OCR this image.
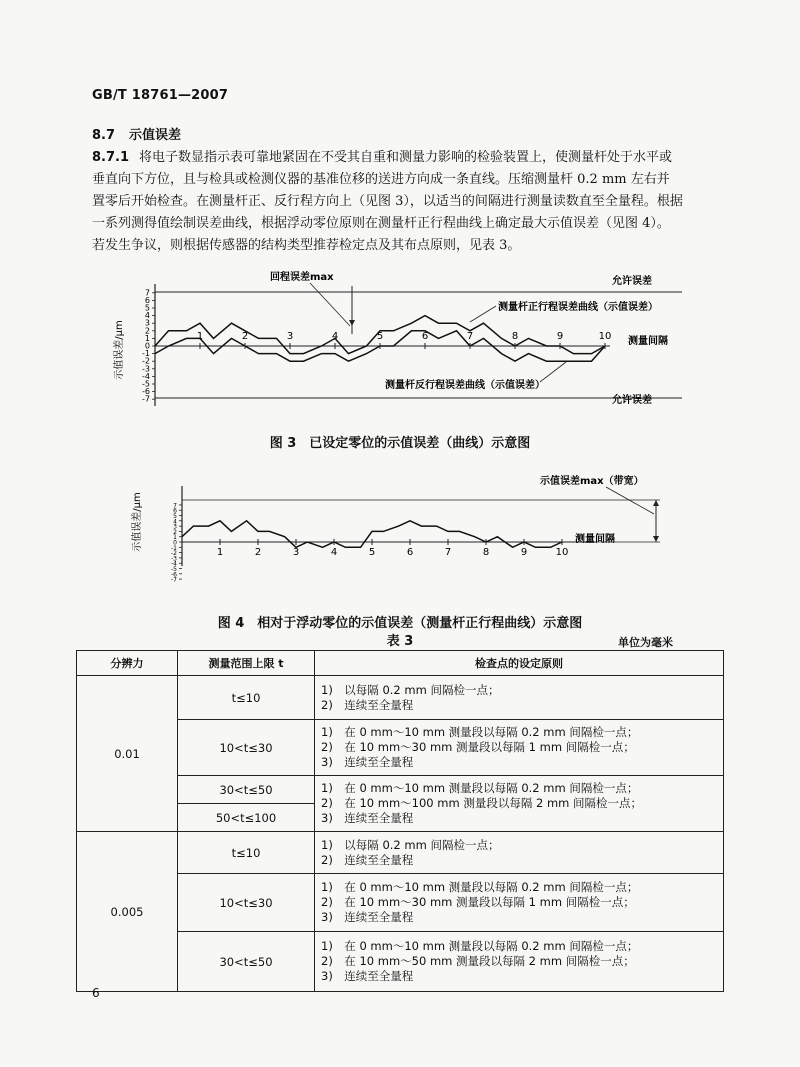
GB/T 18761—2007
8.7 示值误差
8.7.1 将电子数显指示表可靠地紧固在不受其自重和测量力影响的检验装置上，使测量杆处于水平或
垂直向下方位，且与检具或检测仪器的基准位移的送进方向成一条直线。压缩测量杆 0.2 mm 左右并
置零后开始检查。在测量杆正、反行程方向上（见图 3），以适当的间隔进行测量读数直至全量程。根据
一系列测得值绘制误差曲线，根据浮动零位原则在测量杆正行程曲线上确定最大示值误差（见图 4）。
若发生争议，则根据传感器的结构类型推荐检定点及其布点原则，见表 3。
7
6
5
4
3
2
1
0
-1
-2
-3
-4
-5
-6
-7
示值误差/μm
允许误差
允许误差
1	2	3	4	5	6	7	8	9	10
回程误差max
测量杆正行程误差曲线（示值误差）
测量杆反行程误差曲线（示值误差）
测量间隔
图 3　已设定零位的示值误差（曲线）示意图
7
6
5
4
3
2
1
0
-1
-2
-3
-4
-5
-6
-7
示值误差/μm
1	2	3	4	5	6	7	8	9	10
示值误差max（带宽）
测量间隔
图 4　相对于浮动零位的示值误差（测量杆正行程曲线）示意图
表 3	单位为毫米
分辨力	测量范围上限 t	检查点的设定原则
0.01	t≤10	1)　以每隔 0.2 mm 间隔检一点；
2)　连续至全量程

	10<t≤30	1)　在 0 mm～10 mm 测量段以每隔 0.2 mm 间隔检一点；
2)　在 10 mm～30 mm 测量段以每隔 1 mm 间隔检一点；
3)　连续至全量程

	30<t≤50	1)　在 0 mm～10 mm 测量段以每隔 0.2 mm 间隔检一点；
2)　在 10 mm～100 mm 测量段以每隔 2 mm 间隔检一点；
3)　连续至全量程

	50<t≤100	
0.005	t≤10	1)　以每隔 0.2 mm 间隔检一点；
2)　连续至全量程

	10<t≤30	1)　在 0 mm～10 mm 测量段以每隔 0.2 mm 间隔检一点；
2)　在 10 mm～30 mm 测量段以每隔 1 mm 间隔检一点；
3)　连续至全量程

	30<t≤50	1)　在 0 mm～10 mm 测量段以每隔 0.2 mm 间隔检一点；
2)　在 10 mm～50 mm 测量段以每隔 2 mm 间隔检一点；
3)　连续至全量程
6
